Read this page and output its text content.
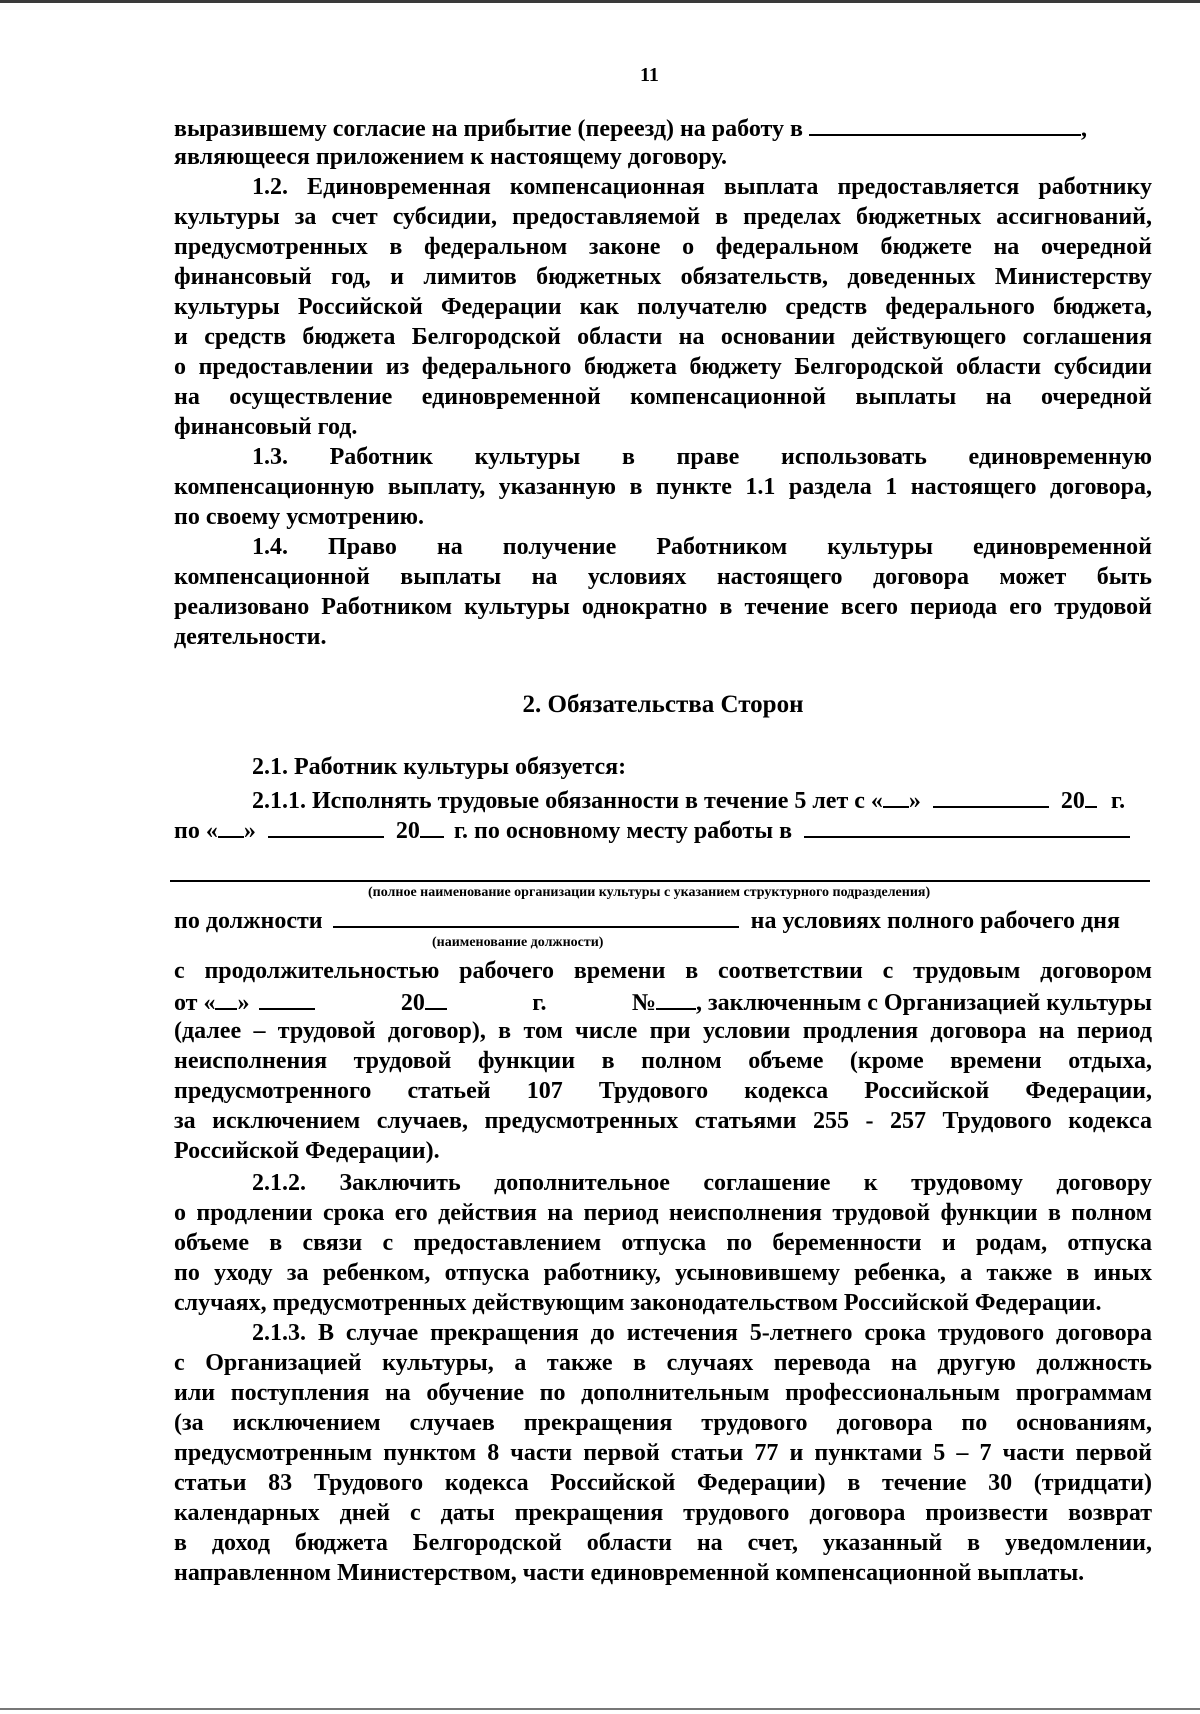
11
выразившему согласие на прибытие (переезд) на работу в	,
являющееся приложением к настоящему договору.
1.2. Единовременная компенсационная выплата предоставляется работнику
культуры за счет субсидии, предоставляемой в пределах бюджетных ассигнований,
предусмотренных в федеральном законе о федеральном бюджете на очередной
финансовый год, и лимитов бюджетных обязательств, доведенных Министерству
культуры Российской Федерации как получателю средств федерального бюджета,
и средств бюджета Белгородской области на основании действующего соглашения
о предоставлении из федерального бюджета бюджету Белгородской области субсидии
на осуществление единовременной компенсационной выплаты на очередной
финансовый год.
1.3. Работник культуры в праве использовать единовременную
компенсационную выплату, указанную в пункте 1.1 раздела 1 настоящего договора,
по своему усмотрению.
1.4. Право на получение Работником культуры единовременной
компенсационной выплаты на условиях настоящего договора может быть
реализовано Работником культуры однократно в течение всего периода его трудовой
деятельности.
2. Обязательства Сторон
2.1. Работник культуры обязуется:
2.1.1. Исполнять трудовые обязанности в течение 5 лет с « »	20 г.
по « »	20 г. по основному месту работы в
(полное наименование организации культуры с указанием структурного подразделения)
по должности	на условиях полного рабочего дня
(наименование должности)
с продолжительностью рабочего времени в соответствии с трудовым договором
от « »	20	г.	№ , заключенным с Организацией культуры
(далее – трудовой договор), в том числе при условии продления договора на период
неисполнения трудовой функции в полном объеме (кроме времени отдыха,
предусмотренного статьей 107 Трудового кодекса Российской Федерации,
за исключением случаев, предусмотренных статьями 255 - 257 Трудового кодекса
Российской Федерации).
2.1.2. Заключить дополнительное соглашение к трудовому договору
о продлении срока его действия на период неисполнения трудовой функции в полном
объеме в связи с предоставлением отпуска по беременности и родам, отпуска
по уходу за ребенком, отпуска работнику, усыновившему ребенка, а также в иных
случаях, предусмотренных действующим законодательством Российской Федерации.
2.1.3. В случае прекращения до истечения 5-летнего срока трудового договора
с Организацией культуры, а также в случаях перевода на другую должность
или поступления на обучение по дополнительным профессиональным программам
(за исключением случаев прекращения трудового договора по основаниям,
предусмотренным пунктом 8 части первой статьи 77 и пунктами 5 – 7 части первой
статьи 83 Трудового кодекса Российской Федерации) в течение 30 (тридцати)
календарных дней с даты прекращения трудового договора произвести возврат
в доход бюджета Белгородской области на счет, указанный в уведомлении,
направленном Министерством, части единовременной компенсационной выплаты.
